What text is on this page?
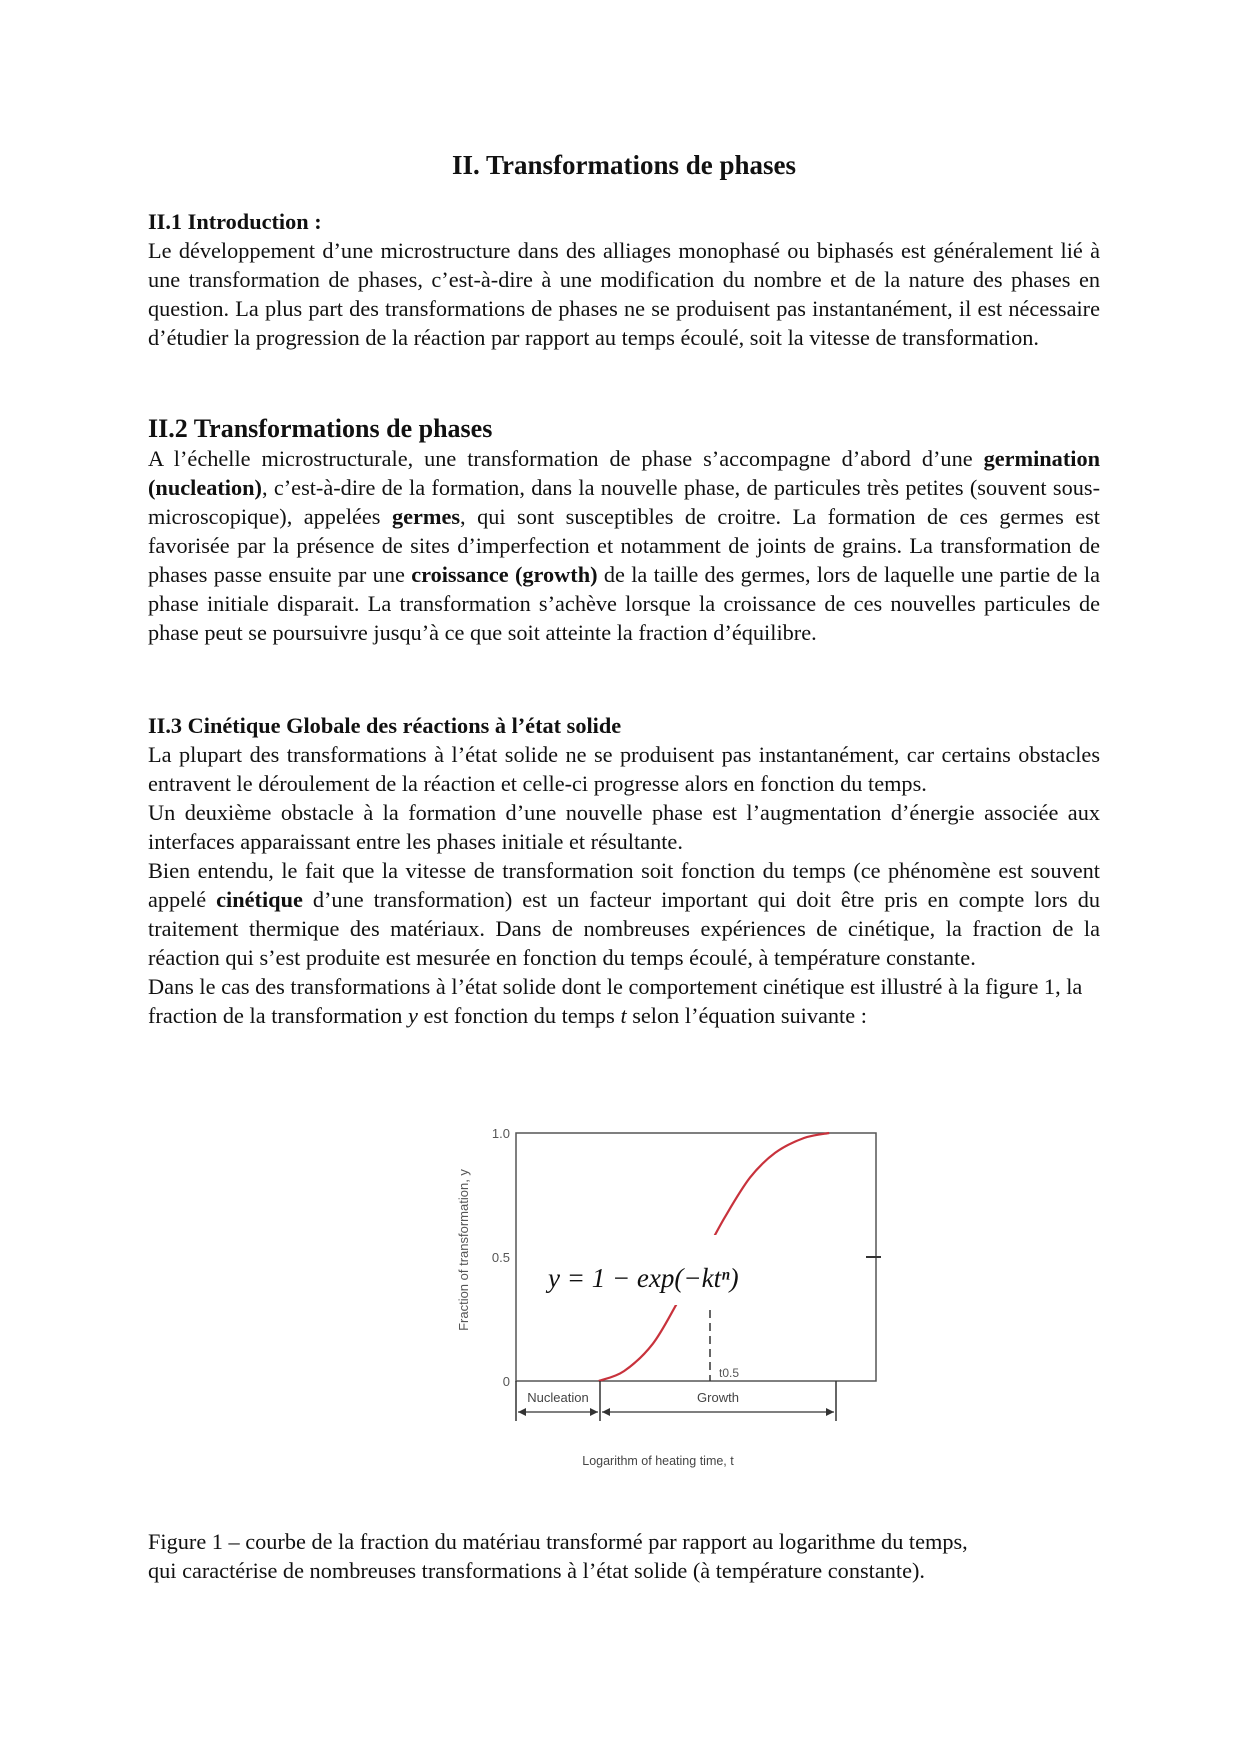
II. Transformations de phases
II.1 Introduction :
Le développement d’une microstructure dans des alliages monophasé ou biphasés est généralement lié à une transformation de phases, c’est-à-dire à une modification du nombre et de la nature des phases en question. La plus part des transformations de phases ne se produisent pas instantanément, il est nécessaire d’étudier la progression de la réaction par rapport au temps écoulé, soit la vitesse de transformation.
II.2 Transformations de phases
A l’échelle microstructurale, une transformation de phase s’accompagne d’abord d’une germination (nucleation), c’est-à-dire de la formation, dans la nouvelle phase, de particules très petites (souvent sous-microscopique), appelées germes, qui sont susceptibles de croitre. La formation de ces germes est favorisée par la présence de sites d’imperfection et notamment de joints de grains. La transformation de phases passe ensuite par une croissance (growth) de la taille des germes, lors de laquelle une partie de la phase initiale disparait. La transformation s’achève lorsque la croissance de ces nouvelles particules de phase peut se poursuivre jusqu’à ce que soit atteinte la fraction d’équilibre.
II.3 Cinétique Globale des réactions à l’état solide
La plupart des transformations à l’état solide ne se produisent pas instantanément, car certains obstacles entravent le déroulement de la réaction et celle-ci progresse alors en fonction du temps.
Un deuxième obstacle à la formation d’une nouvelle phase est l’augmentation d’énergie associée aux interfaces apparaissant entre les phases initiale et résultante.
Bien entendu, le fait que la vitesse de transformation soit fonction du temps (ce phénomène est souvent appelé cinétique d’une transformation) est un facteur important qui doit être pris en compte lors du traitement thermique des matériaux. Dans de nombreuses expériences de cinétique, la fraction de la réaction qui s’est produite est mesurée en fonction du temps écoulé, à température constante.
Dans le cas des transformations à l’état solide dont le comportement cinétique est illustré à la figure 1, la fraction de la transformation y est fonction du temps t selon l’équation suivante :
Fraction of transformation, y
1.0
0.5
0
y = 1 − exp(−ktⁿ)
t0.5
Nucleation	Growth
Logarithm of heating time, t
Figure 1 – courbe de la fraction du matériau transformé par rapport au logarithme du temps,
qui caractérise de nombreuses transformations à l’état solide (à température constante).
